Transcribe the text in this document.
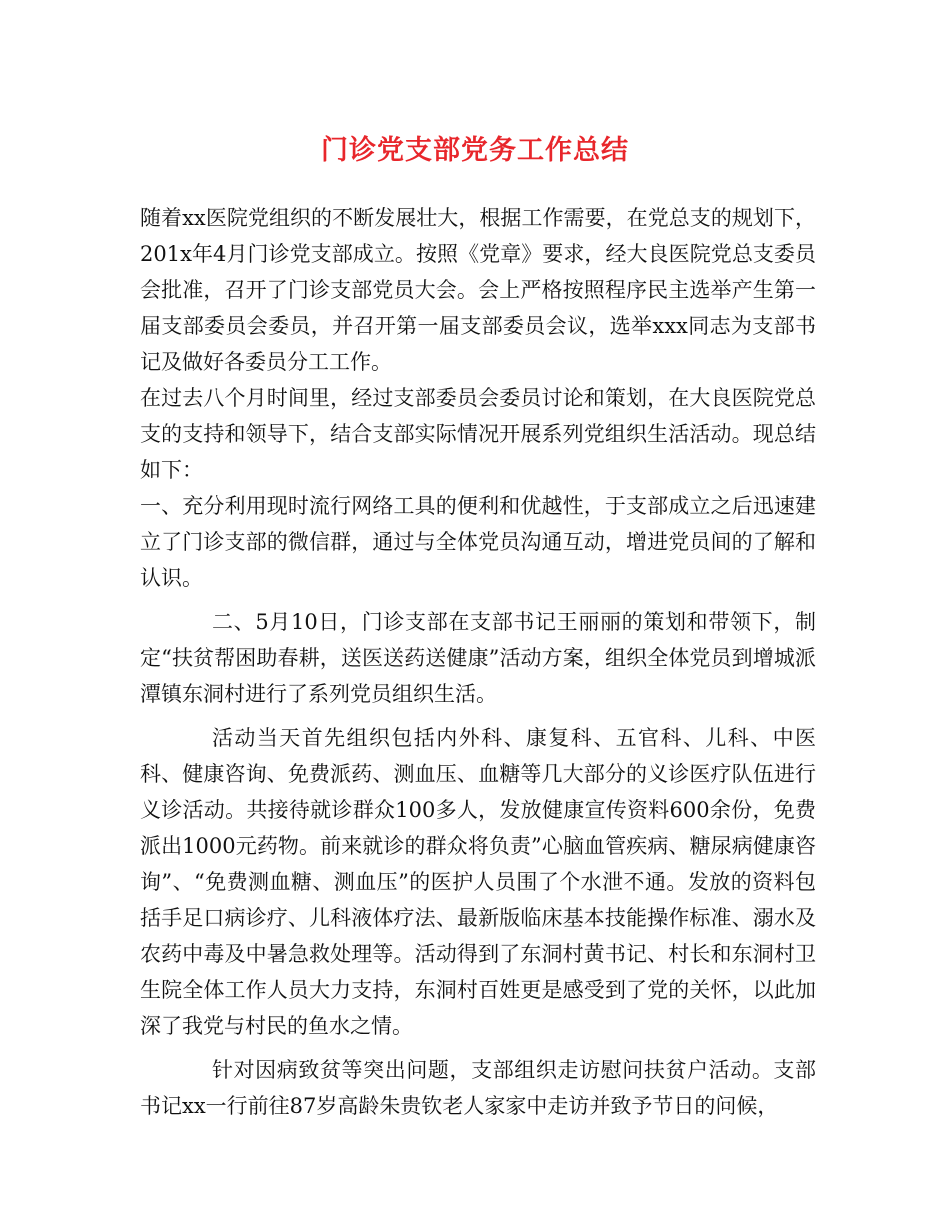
门诊党支部党务工作总结

随着xx医院党组织的不断发展壮大，根据工作需要，在党总支的规划下，201x年4月门诊党支部成立。按照《党章》要求，经大良医院党总支委员会批准，召开了门诊支部党员大会。会上严格按照程序民主选举产生第一届支部委员会委员，并召开第一届支部委员会议，选举xxx同志为支部书记及做好各委员分工工作。

在过去八个月时间里，经过支部委员会委员讨论和策划，在大良医院党总支的支持和领导下，结合支部实际情况开展系列党组织生活活动。现总结如下：

一、充分利用现时流行网络工具的便利和优越性，于支部成立之后迅速建立了门诊支部的微信群，通过与全体党员沟通互动，增进党员间的了解和认识。

二、5月10日，门诊支部在支部书记王丽丽的策划和带领下，制定“扶贫帮困助春耕，送医送药送健康”活动方案，组织全体党员到增城派潭镇东洞村进行了系列党员组织生活。

活动当天首先组织包括内外科、康复科、五官科、儿科、中医科、健康咨询、免费派药、测血压、血糖等几大部分的义诊医疗队伍进行义诊活动。共接待就诊群众100多人，发放健康宣传资料600余份，免费派出1000元药物。前来就诊的群众将负责”心脑血管疾病、糖尿病健康咨询”、“免费测血糖、测血压”的医护人员围了个水泄不通。发放的资料包括手足口病诊疗、儿科液体疗法、最新版临床基本技能操作标准、溺水及农药中毒及中暑急救处理等。活动得到了东洞村黄书记、村长和东洞村卫生院全体工作人员大力支持，东洞村百姓更是感受到了党的关怀，以此加深了我党与村民的鱼水之情。

针对因病致贫等突出问题，支部组织走访慰问扶贫户活动。支部书记xx一行前往87岁高龄朱贵钦老人家家中走访并致予节日的问候，
